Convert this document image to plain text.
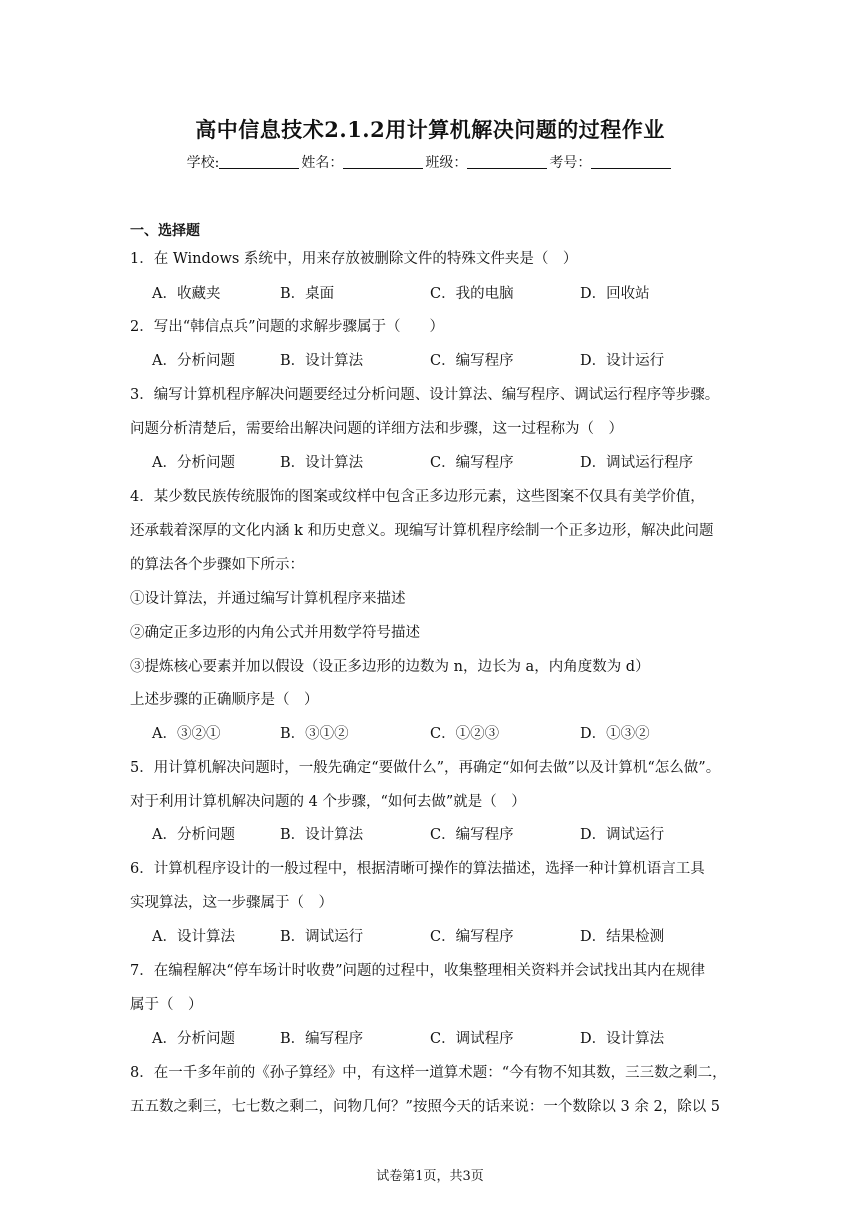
高中信息技术2.1.2用计算机解决问题的过程作业
学校:	姓名：	班级：	考号：
一、选择题
1．在 Windows 系统中，用来存放被删除文件的特殊文件夹是（　）
A．收藏夹	B．桌面	C．我的电脑	D．回收站
2．写出“韩信点兵”问题的求解步骤属于（　　）
A．分析问题	B．设计算法	C．编写程序	D．设计运行
3．编写计算机程序解决问题要经过分析问题、设计算法、编写程序、调试运行程序等步骤。
问题分析清楚后，需要给出解决问题的详细方法和步骤，这一过程称为（　）
A．分析问题	B．设计算法	C．编写程序	D．调试运行程序
4．某少数民族传统服饰的图案或纹样中包含正多边形元素，这些图案不仅具有美学价值，
还承载着深厚的文化内涵 k 和历史意义。现编写计算机程序绘制一个正多边形，解决此问题
的算法各个步骤如下所示：
①设计算法，并通过编写计算机程序来描述
②确定正多边形的内角公式并用数学符号描述
③提炼核心要素并加以假设（设正多边形的边数为 n，边长为 a，内角度数为 d）
上述步骤的正确顺序是（　）
A．③②①	B．③①②	C．①②③	D．①③②
5．用计算机解决问题时，一般先确定“要做什么”，再确定“如何去做”以及计算机“怎么做”。
对于利用计算机解决问题的 4 个步骤，“如何去做”就是（　）
A．分析问题	B．设计算法	C．编写程序	D．调试运行
6．计算机程序设计的一般过程中，根据清晰可操作的算法描述，选择一种计算机语言工具
实现算法，这一步骤属于（　）
A．设计算法	B．调试运行	C．编写程序	D．结果检测
7．在编程解决“停车场计时收费”问题的过程中，收集整理相关资料并会试找出其内在规律
属于（　）
A．分析问题	B．编写程序	C．调试程序	D．设计算法
8．在一千多年前的《孙子算经》中，有这样一道算术题：“今有物不知其数，三三数之剩二，
五五数之剩三，七七数之剩二，问物几何？”按照今天的话来说：一个数除以 3 余 2，除以 5
试卷第1页，共3页
